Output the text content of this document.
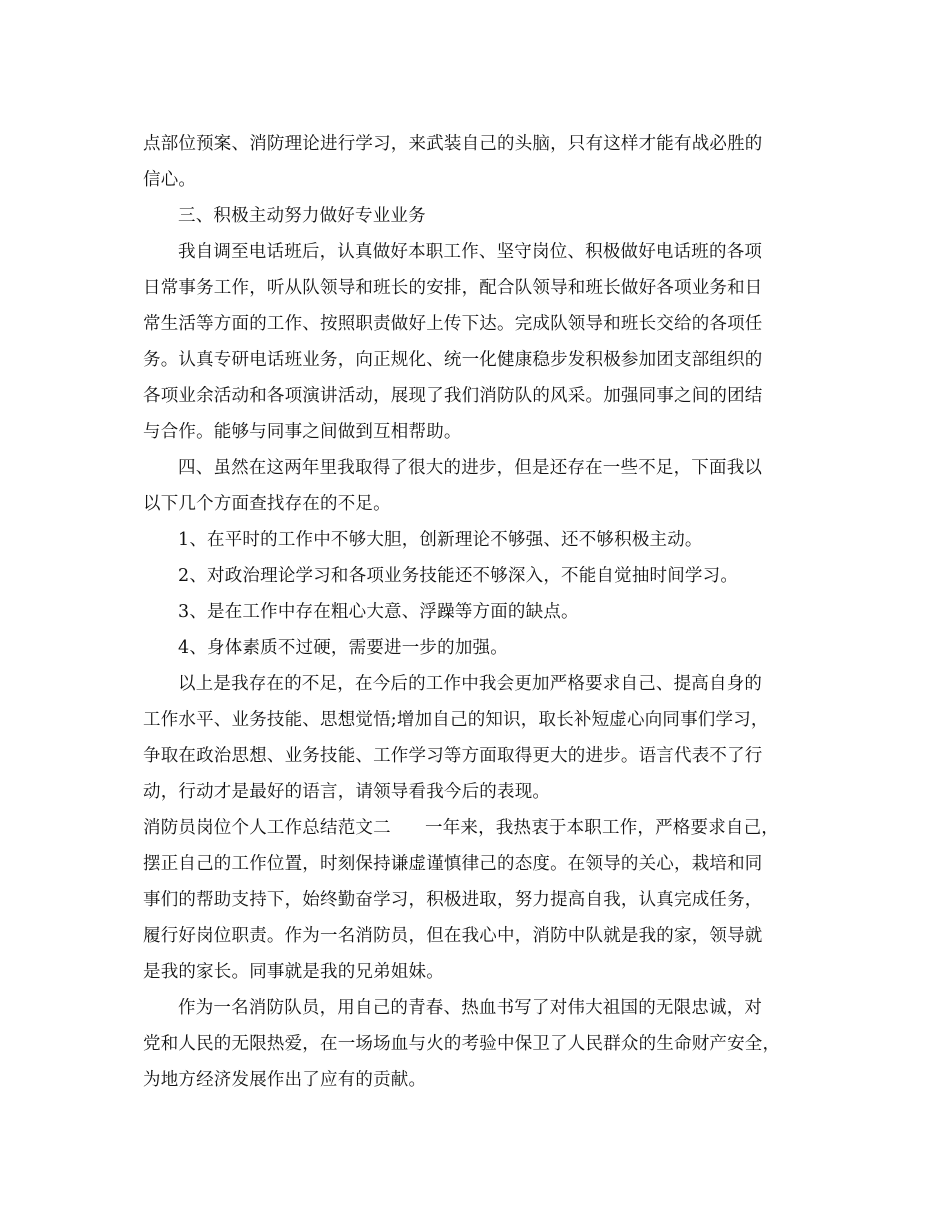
点部位预案、消防理论进行学习，来武装自己的头脑，只有这样才能有战必胜的
信心。
三、积极主动努力做好专业业务
我自调至电话班后，认真做好本职工作、坚守岗位、积极做好电话班的各项
日常事务工作，听从队领导和班长的安排，配合队领导和班长做好各项业务和日
常生活等方面的工作、按照职责做好上传下达。完成队领导和班长交给的各项任
务。认真专研电话班业务，向正规化、统一化健康稳步发积极参加团支部组织的
各项业余活动和各项演讲活动，展现了我们消防队的风采。加强同事之间的团结
与合作。能够与同事之间做到互相帮助。
四、虽然在这两年里我取得了很大的进步，但是还存在一些不足，下面我以
以下几个方面查找存在的不足。
1、在平时的工作中不够大胆，创新理论不够强、还不够积极主动。
2、对政治理论学习和各项业务技能还不够深入，不能自觉抽时间学习。
3、是在工作中存在粗心大意、浮躁等方面的缺点。
4、身体素质不过硬，需要进一步的加强。
以上是我存在的不足，在今后的工作中我会更加严格要求自己、提高自身的
工作水平、业务技能、思想觉悟;增加自己的知识，取长补短虚心向同事们学习，
争取在政治思想、业务技能、工作学习等方面取得更大的进步。语言代表不了行
动，行动才是最好的语言，请领导看我今后的表现。
消防员岗位个人工作总结范文二 一年来，我热衷于本职工作，严格要求自己，
摆正自己的工作位置，时刻保持谦虚谨慎律己的态度。在领导的关心，栽培和同
事们的帮助支持下，始终勤奋学习，积极进取，努力提高自我，认真完成任务，
履行好岗位职责。作为一名消防员，但在我心中，消防中队就是我的家，领导就
是我的家长。同事就是我的兄弟姐妹。
作为一名消防队员，用自己的青春、热血书写了对伟大祖国的无限忠诚，对
党和人民的无限热爱，在一场场血与火的考验中保卫了人民群众的生命财产安全，
为地方经济发展作出了应有的贡献。
